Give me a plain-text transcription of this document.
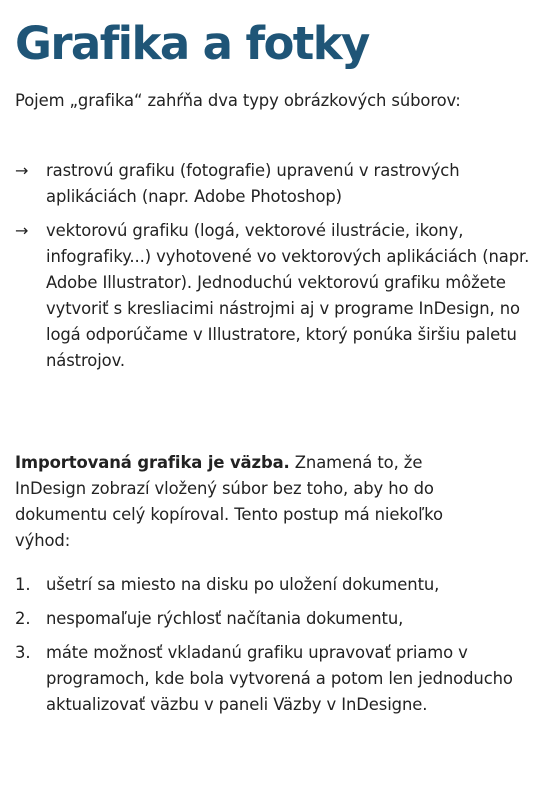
Grafika a fotky

Pojem „grafika“ zahŕňa dva typy obrázkových súborov:

→ rastrovú grafiku (fotografie) upravenú v rastrových aplikáciách (napr. Adobe Photoshop)
→ vektorovú grafiku (logá, vektorové ilustrácie, ikony, infografiky...) vyhotovené vo vektorových aplikáciách (napr. Adobe Illustrator). Jednoduchú vektorovú grafiku môžete vytvoriť s kresliacimi nástrojmi aj v programe InDesign, no logá odporúčame v Illustratore, ktorý ponúka širšiu paletu nástrojov.

Importovaná grafika je väzba. Znamená to, že InDesign zobrazí vložený súbor bez toho, aby ho do dokumentu celý kopíroval. Tento postup má niekoľko výhod:

1. ušetrí sa miesto na disku po uložení dokumentu,
2. nespomaľuje rýchlosť načítania dokumentu,
3. máte možnosť vkladanú grafiku upravovať priamo v programoch, kde bola vytvorená a potom len jednoducho aktualizovať väzbu v paneli Väzby v InDesigne.
